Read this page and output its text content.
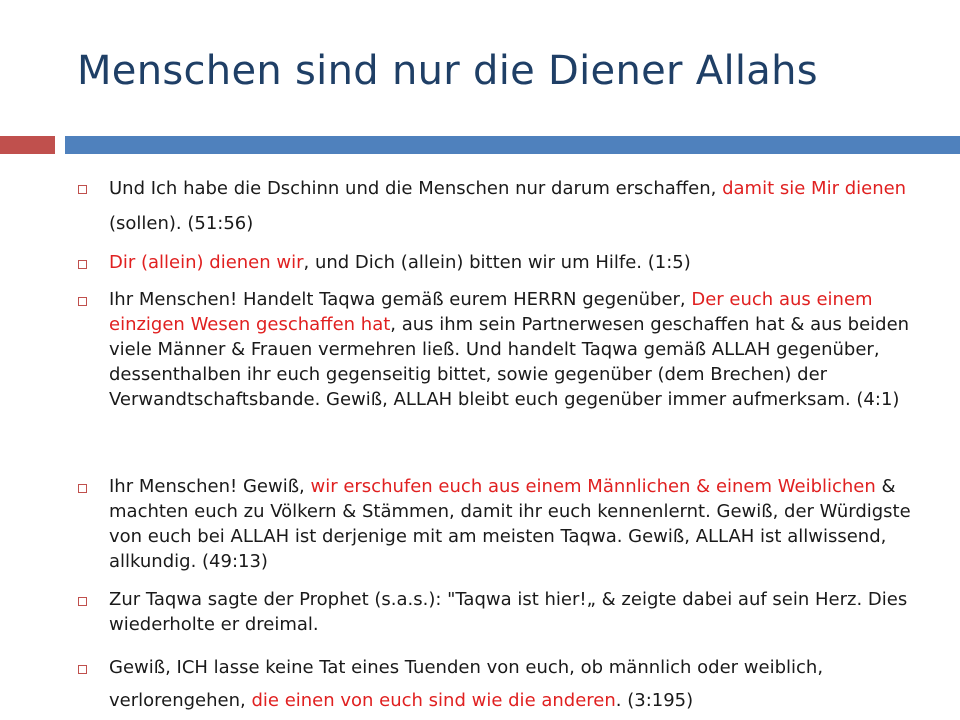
Menschen sind nur die Diener Allahs
Und Ich habe die Dschinn und die Menschen nur darum erschaffen, damit sie Mir dienen (sollen). (51:56)
Dir (allein) dienen wir, und Dich (allein) bitten wir um Hilfe. (1:5)
Ihr Menschen! Handelt Taqwa gemäß eurem HERRN gegenüber, Der euch aus einem einzigen Wesen geschaffen hat, aus ihm sein Partnerwesen geschaffen hat & aus beiden viele Männer & Frauen vermehren ließ. Und handelt Taqwa gemäß ALLAH gegenüber, dessenthalben ihr euch gegenseitig bittet, sowie gegenüber (dem Brechen) der Verwandtschaftsbande. Gewiß, ALLAH bleibt euch gegenüber immer aufmerksam. (4:1)
Ihr Menschen! Gewiß, wir erschufen euch aus einem Männlichen & einem Weiblichen & machten euch zu Völkern & Stämmen, damit ihr euch kennenlernt. Gewiß, der Würdigste von euch bei ALLAH ist derjenige mit am meisten Taqwa. Gewiß, ALLAH ist allwissend, allkundig. (49:13)
Zur Taqwa sagte der Prophet (s.a.s.): "Taqwa ist hier!„ & zeigte dabei auf sein Herz. Dies wiederholte er dreimal.
Gewiß, ICH lasse keine Tat eines Tuenden von euch, ob männlich oder weiblich, verlorengehen, die einen von euch sind wie die anderen. (3:195)
